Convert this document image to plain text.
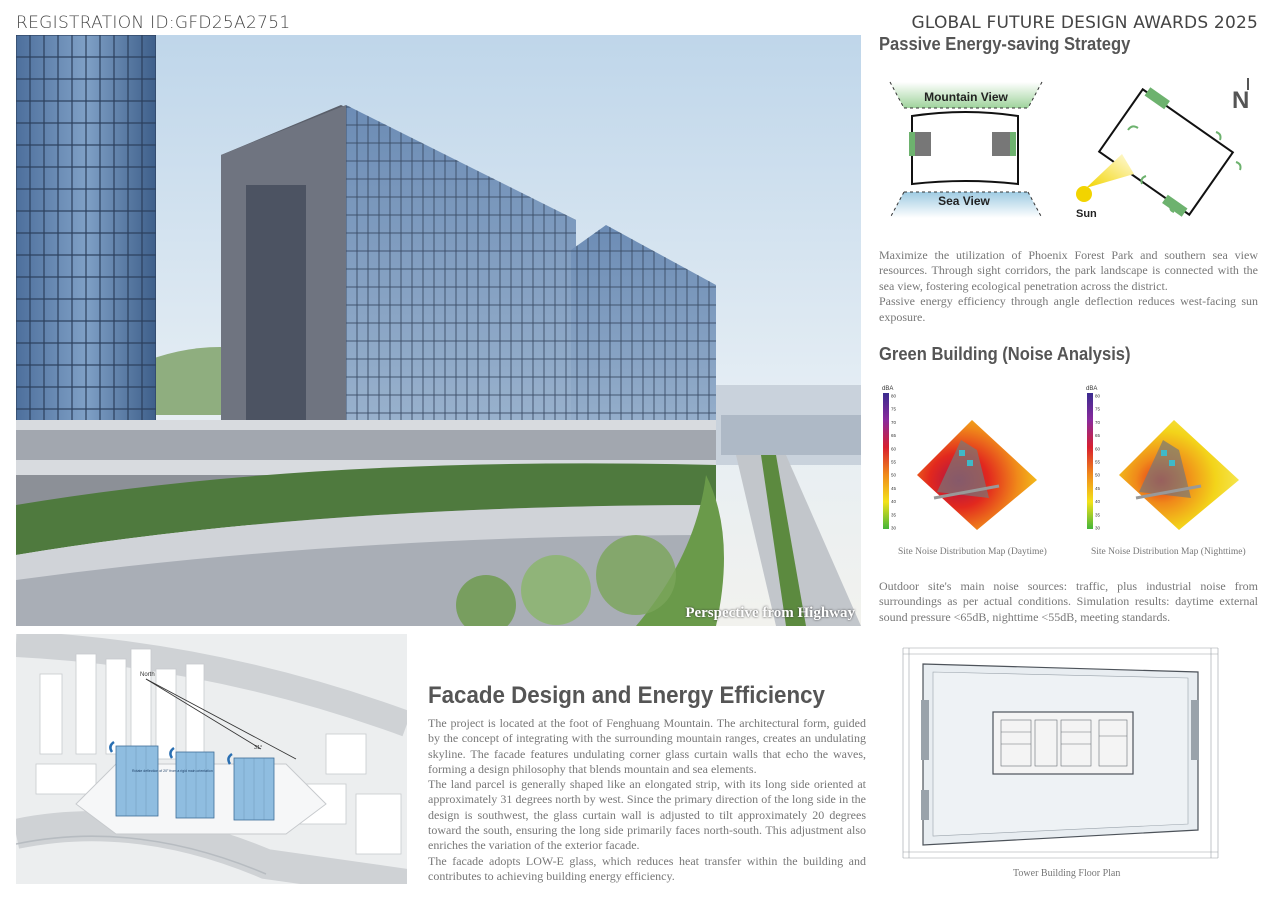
REGISTRATION ID:GFD25A2751	GLOBAL FUTURE DESIGN AWARDS 2025
Perspective from Highway
Passive Energy-saving Strategy
Mountain View
Sea View
Sun
N

Maximize the utilization of Phoenix Forest Park and southern sea view resources. Through sight corridors, the park landscape is connected with the sea view, fostering ecological penetration across the district.

Passive energy efficiency through angle deflection reduces west-facing sun exposure.

Green Building (Noise Analysis)
dBA
80
75
70
65
60
55
50
45
40
35
30
dBA
80
75
70
65
60
55
50
45
40
35
30
Site Noise Distribution Map (Daytime)	Site Noise Distribution Map (Nighttime)
Outdoor site's main noise sources: traffic, plus industrial noise from surroundings as per actual conditions. Simulation results: daytime external sound pressure <65dB, nighttime <55dB, meeting standards.
North
31°
Rotate deflection of 20° from a rigid main orientation
Facade Design and Energy Efficiency

The project is located at the foot of Fenghuang Mountain. The architectural form, guided by the concept of integrating with the surrounding mountain ranges, creates an undulating skyline. The facade features undulating corner glass curtain walls that echo the waves, forming a design philosophy that blends mountain and sea elements.

The land parcel is generally shaped like an elongated strip, with its long side oriented at approximately 31 degrees north by west. Since the primary direction of the long side in the design is southwest, the glass curtain wall is adjusted to tilt approximately 20 degrees toward the south, ensuring the long side primarily faces north-south. This adjustment also enriches the variation of the exterior facade.

The facade adopts LOW-E glass, which reduces heat transfer within the building and contributes to achieving building energy efficiency.	Tower Building Floor Plan
